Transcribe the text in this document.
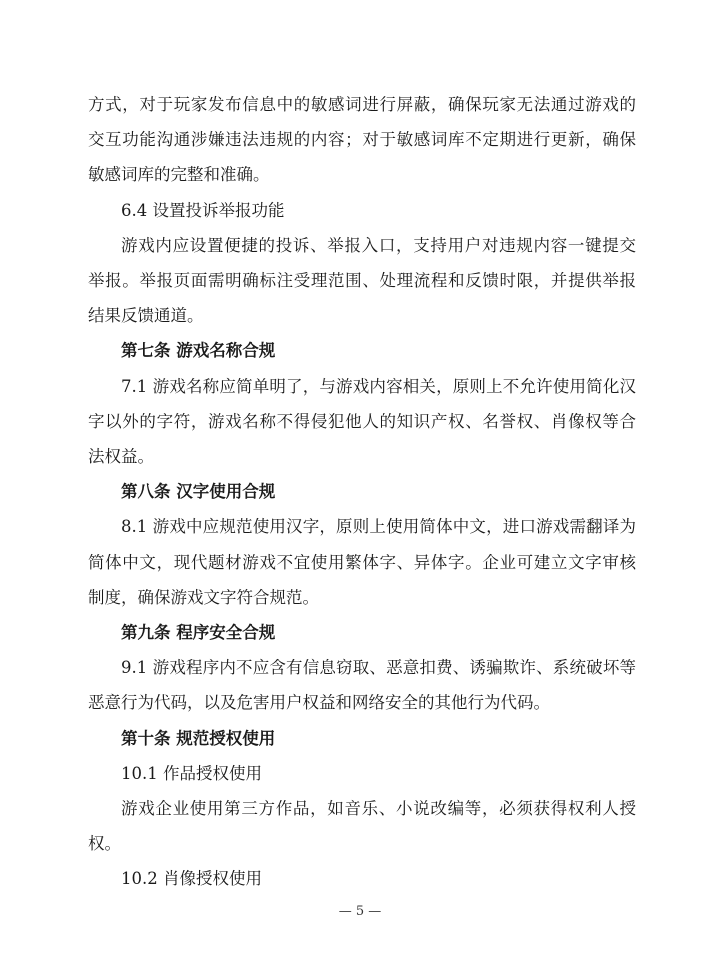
方式，对于玩家发布信息中的敏感词进行屏蔽，确保玩家无法通过游戏的
交互功能沟通涉嫌违法违规的内容；对于敏感词库不定期进行更新，确保
敏感词库的完整和准确。
6.4 设置投诉举报功能
游戏内应设置便捷的投诉、举报入口，支持用户对违规内容一键提交
举报。举报页面需明确标注受理范围、处理流程和反馈时限，并提供举报
结果反馈通道。
第七条 游戏名称合规
7.1 游戏名称应简单明了，与游戏内容相关，原则上不允许使用简化汉
字以外的字符，游戏名称不得侵犯他人的知识产权、名誉权、肖像权等合
法权益。
第八条 汉字使用合规
8.1 游戏中应规范使用汉字，原则上使用简体中文，进口游戏需翻译为
简体中文，现代题材游戏不宜使用繁体字、异体字。企业可建立文字审核
制度，确保游戏文字符合规范。
第九条 程序安全合规
9.1 游戏程序内不应含有信息窃取、恶意扣费、诱骗欺诈、系统破坏等
恶意行为代码，以及危害用户权益和网络安全的其他行为代码。
第十条 规范授权使用
10.1 作品授权使用
游戏企业使用第三方作品，如音乐、小说改编等，必须获得权利人授
权。
10.2 肖像授权使用
— 5 —
